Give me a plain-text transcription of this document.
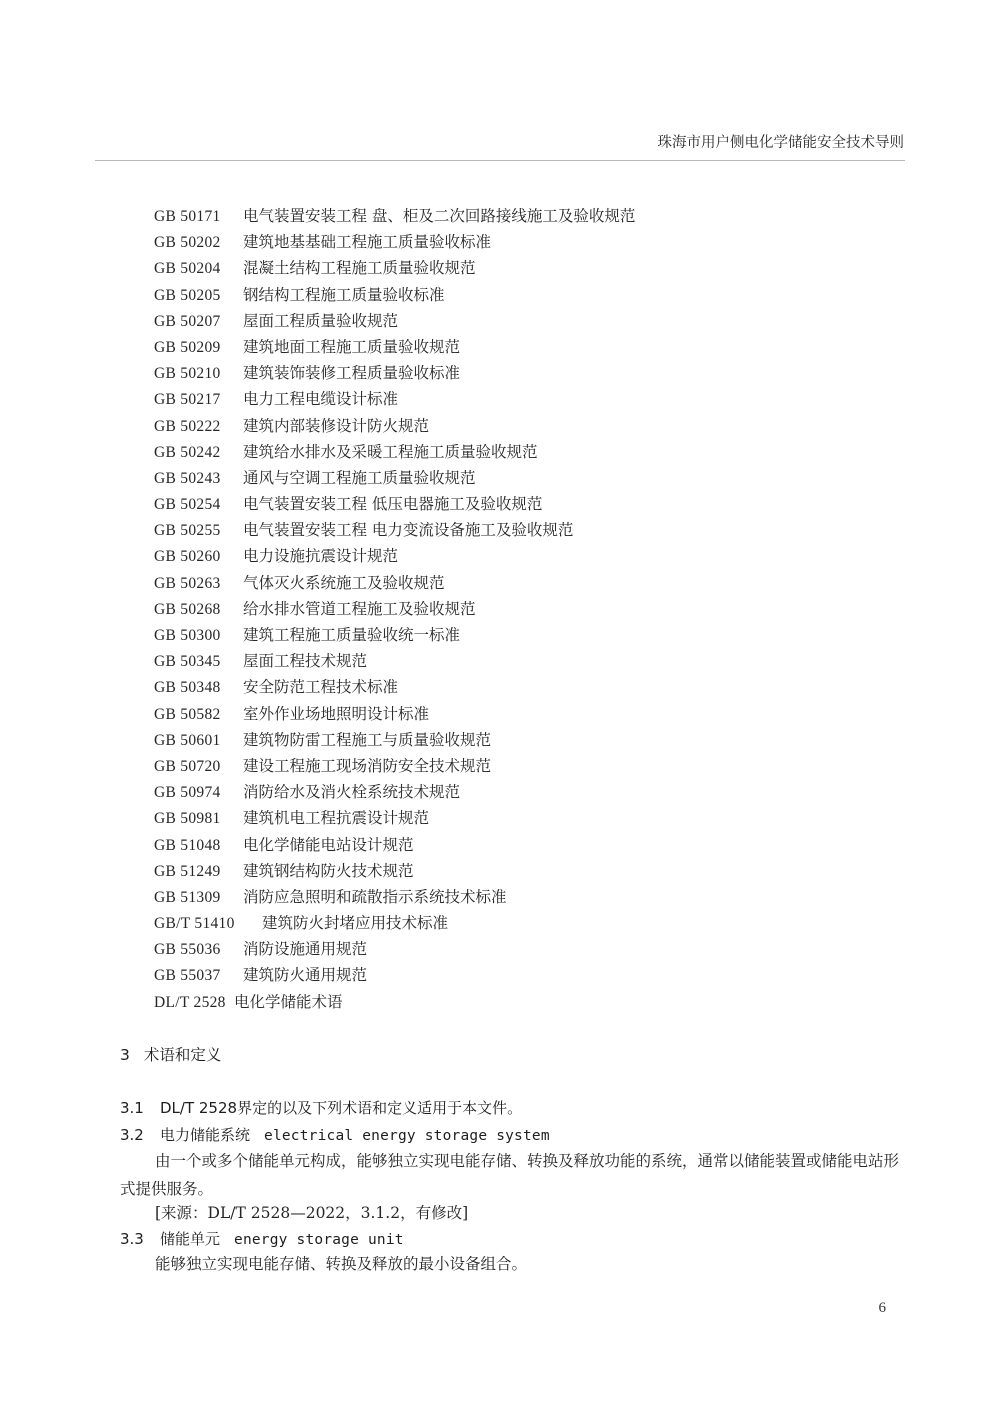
珠海市用户侧电化学储能安全技术导则
GB 50171 电气装置安装工程 盘、柜及二次回路接线施工及验收规范
GB 50202 建筑地基基础工程施工质量验收标准
GB 50204 混凝土结构工程施工质量验收规范
GB 50205 钢结构工程施工质量验收标准
GB 50207 屋面工程质量验收规范
GB 50209 建筑地面工程施工质量验收规范
GB 50210 建筑装饰装修工程质量验收标准
GB 50217 电力工程电缆设计标准
GB 50222 建筑内部装修设计防火规范
GB 50242 建筑给水排水及采暖工程施工质量验收规范
GB 50243 通风与空调工程施工质量验收规范
GB 50254 电气装置安装工程 低压电器施工及验收规范
GB 50255 电气装置安装工程 电力变流设备施工及验收规范
GB 50260 电力设施抗震设计规范
GB 50263 气体灭火系统施工及验收规范
GB 50268 给水排水管道工程施工及验收规范
GB 50300 建筑工程施工质量验收统一标准
GB 50345 屋面工程技术规范
GB 50348 安全防范工程技术标准
GB 50582 室外作业场地照明设计标准
GB 50601 建筑物防雷工程施工与质量验收规范
GB 50720 建设工程施工现场消防安全技术规范
GB 50974 消防给水及消火栓系统技术规范
GB 50981 建筑机电工程抗震设计规范
GB 51048 电化学储能电站设计规范
GB 51249 建筑钢结构防火技术规范
GB 51309 消防应急照明和疏散指示系统技术标准
GB/T 51410 建筑防火封堵应用技术标准
GB 55036 消防设施通用规范
GB 55037 建筑防火通用规范
DL/T 2528 电化学储能术语
3 术语和定义
3.1 DL/T 2528界定的以及下列术语和定义适用于本文件。
3.2 电力储能系统 electrical energy storage system

由一个或多个储能单元构成，能够独立实现电能存储、转换及释放功能的系统，通常以储能装置或储能电站形式提供服务。

[来源：DL/T 2528—2022，3.1.2，有修改]
3.3 储能单元 energy storage unit

能够独立实现电能存储、转换及释放的最小设备组合。

6
